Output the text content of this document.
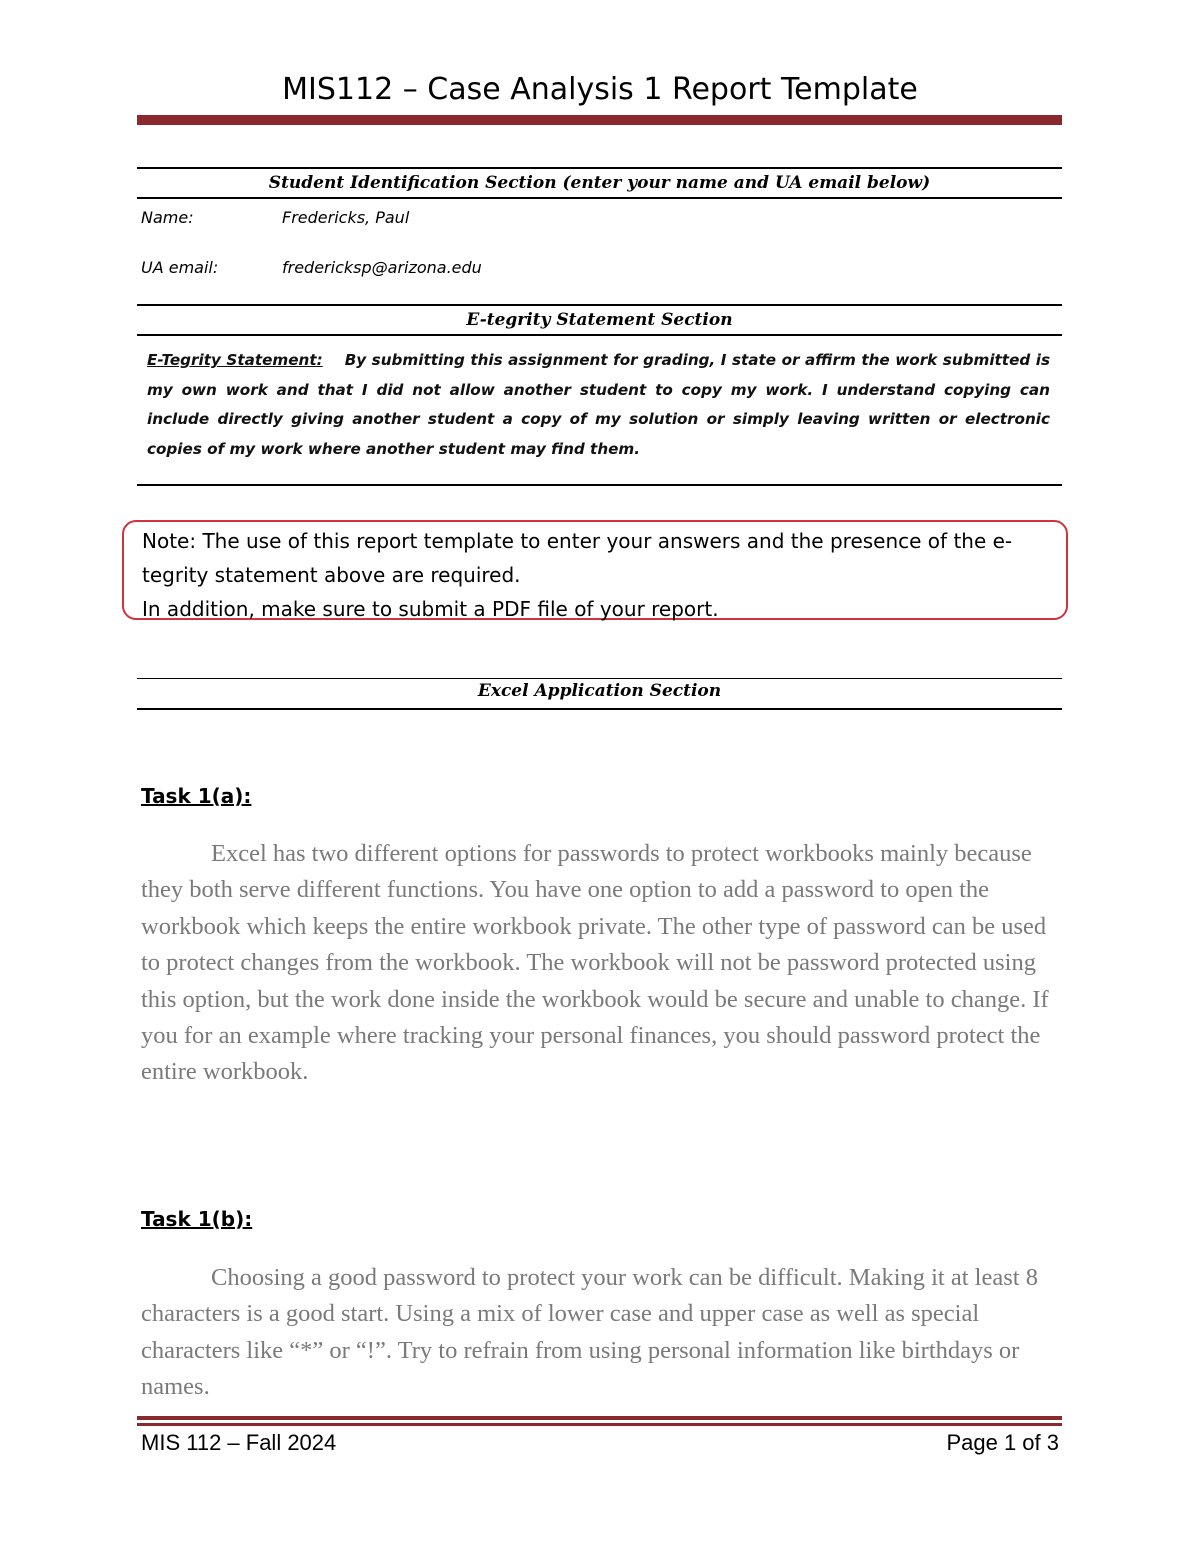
MIS112 – Case Analysis 1 Report Template
Student Identification Section (enter your name and UA email below)
Name:	Fredericks, Paul
UA email:	fredericksp@arizona.edu
E-tegrity Statement Section
E-Tegrity Statement: By submitting this assignment for grading, I state or affirm the work submitted is my own work and that I did not allow another student to copy my work. I understand copying can include directly giving another student a copy of my solution or simply leaving written or electronic copies of my work where another student may find them.
Note: The use of this report template to enter your answers and the presence of the e-tegrity statement above are required.
In addition, make sure to submit a PDF file of your report.
Excel Application Section
Task 1(a):

Excel has two different options for passwords to protect workbooks mainly because they both serve different functions. You have one option to add a password to open the workbook which keeps the entire workbook private. The other type of password can be used to protect changes from the workbook. The workbook will not be password protected using this option, but the work done inside the workbook would be secure and unable to change. If you for an example where tracking your personal finances, you should password protect the entire workbook.

Task 1(b):

Choosing a good password to protect your work can be difficult. Making it at least 8 characters is a good start. Using a mix of lower case and upper case as well as special characters like “*” or “!”. Try to refrain from using personal information like birthdays or names.

MIS 112 – Fall 2024	Page 1 of 3
